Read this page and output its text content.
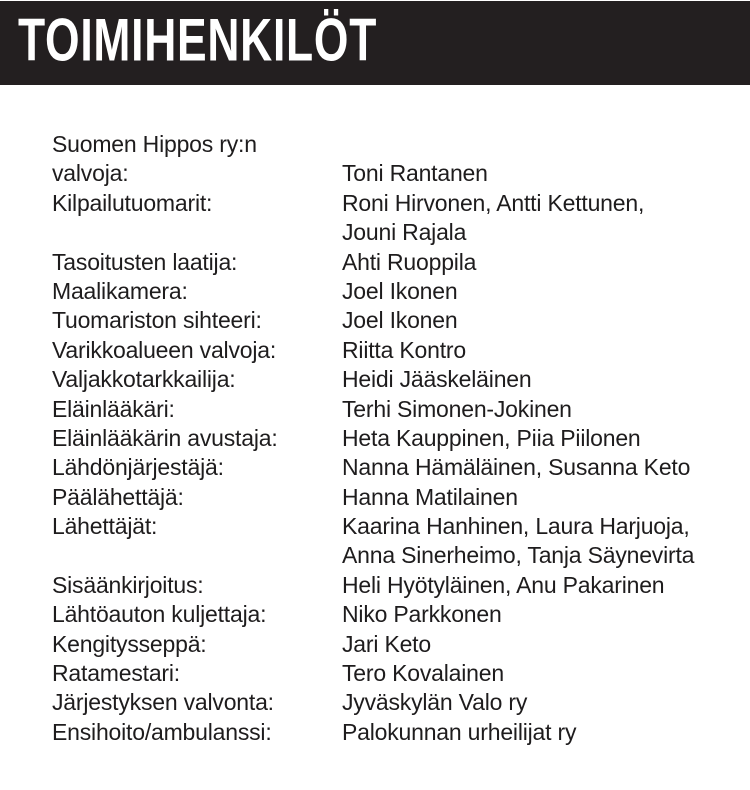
TOIMIHENKILÖT
Suomen Hippos ry:n
valvoja:	Toni Rantanen
Kilpailutuomarit:	Roni Hirvonen, Antti Kettunen,
Jouni Rajala
Tasoitusten laatija:	Ahti Ruoppila
Maalikamera:	Joel Ikonen
Tuomariston sihteeri:	Joel Ikonen
Varikkoalueen valvoja:	Riitta Kontro
Valjakkotarkkailija:	Heidi Jääskeläinen
Eläinlääkäri:	Terhi Simonen-Jokinen
Eläinlääkärin avustaja:	Heta Kauppinen, Piia Piilonen
Lähdönjärjestäjä:	Nanna Hämäläinen, Susanna Keto
Päälähettäjä:	Hanna Matilainen
Lähettäjät:	Kaarina Hanhinen, Laura Harjuoja,
Anna Sinerheimo, Tanja Säynevirta
Sisäänkirjoitus:	Heli Hyötyläinen, Anu Pakarinen
Lähtöauton kuljettaja:	Niko Parkkonen
Kengitysseppä:	Jari Keto
Ratamestari:	Tero Kovalainen
Järjestyksen valvonta:	Jyväskylän Valo ry
Ensihoito/ambulanssi:	Palokunnan urheilijat ry
